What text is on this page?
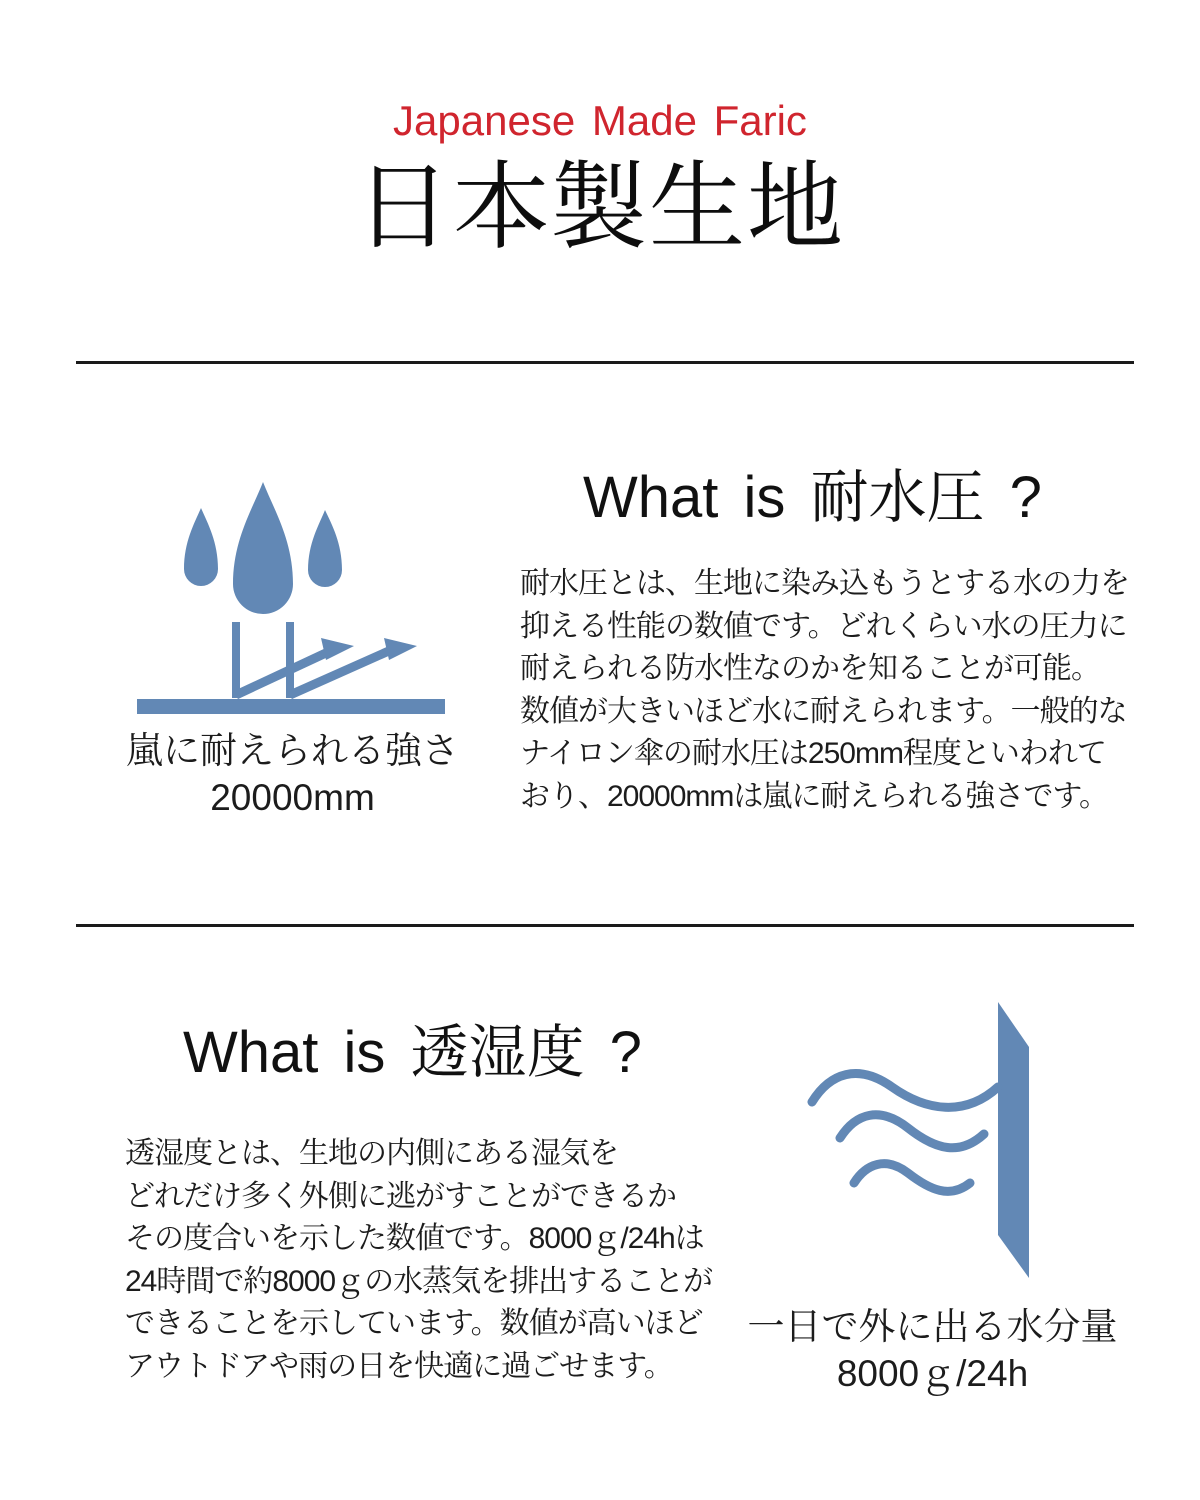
Japanese Made Faric
日本製生地
嵐に耐えられる強さ
20000mm
What is 耐水圧 ?
耐水圧とは、生地に染み込もうとする水の力を
抑える性能の数値です。どれくらい水の圧力に
耐えられる防水性なのかを知ることが可能。
数値が大きいほど水に耐えられます。一般的な
ナイロン傘の耐水圧は250mm程度といわれて
おり、20000mmは嵐に耐えられる強さです。
What is 透湿度 ?
透湿度とは、生地の内側にある湿気を
どれだけ多く外側に逃がすことができるか
その度合いを示した数値です。8000ｇ/24hは
24時間で約8000ｇの水蒸気を排出することが
できることを示しています。数値が高いほど
アウトドアや雨の日を快適に過ごせます。
一日で外に出る水分量
8000ｇ/24h
